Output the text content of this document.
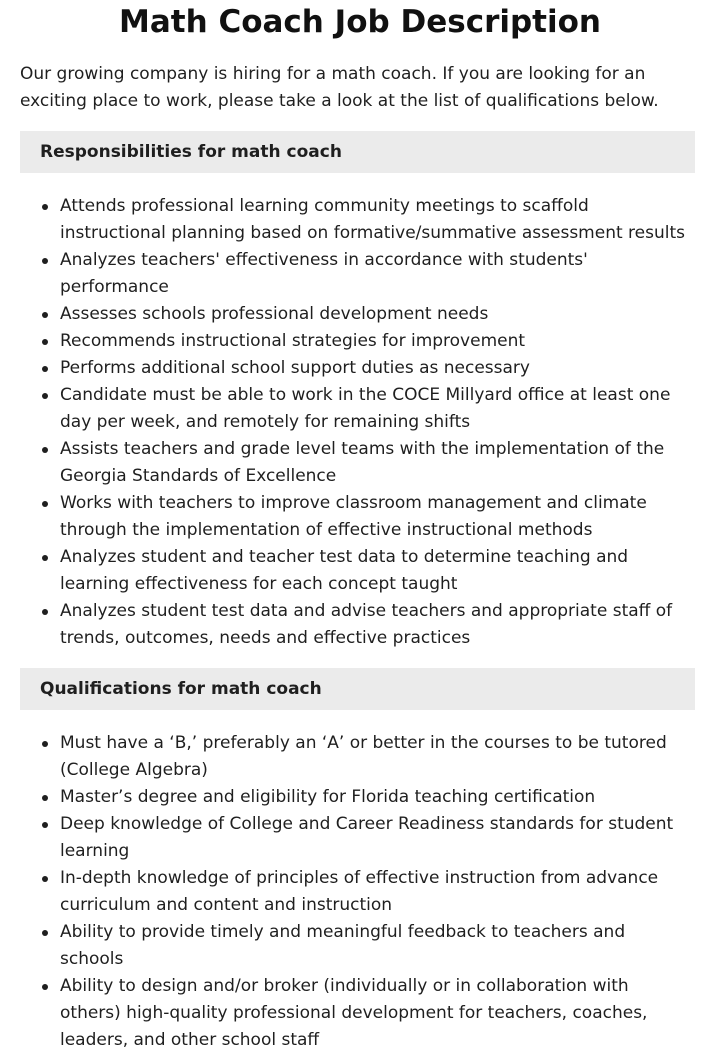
Math Coach Job Description

Our growing company is hiring for a math coach. If you are looking for an exciting place to work, please take a look at the list of qualifications below.

Responsibilities for math coach
Attends professional learning community meetings to scaffold instructional planning based on formative/summative assessment results
Analyzes teachers' effectiveness in accordance with students' performance
Assesses schools professional development needs
Recommends instructional strategies for improvement
Performs additional school support duties as necessary
Candidate must be able to work in the COCE Millyard office at least one day per week, and remotely for remaining shifts
Assists teachers and grade level teams with the implementation of the Georgia Standards of Excellence
Works with teachers to improve classroom management and climate through the implementation of effective instructional methods
Analyzes student and teacher test data to determine teaching and learning effectiveness for each concept taught
Analyzes student test data and advise teachers and appropriate staff of trends, outcomes, needs and effective practices
Qualifications for math coach
Must have a ‘B,’ preferably an ‘A’ or better in the courses to be tutored (College Algebra)
Master’s degree and eligibility for Florida teaching certification
Deep knowledge of College and Career Readiness standards for student learning
In-depth knowledge of principles of effective instruction from advance curriculum and content and instruction
Ability to provide timely and meaningful feedback to teachers and schools
Ability to design and/or broker (individually or in collaboration with others) high-quality professional development for teachers, coaches, leaders, and other school staff
